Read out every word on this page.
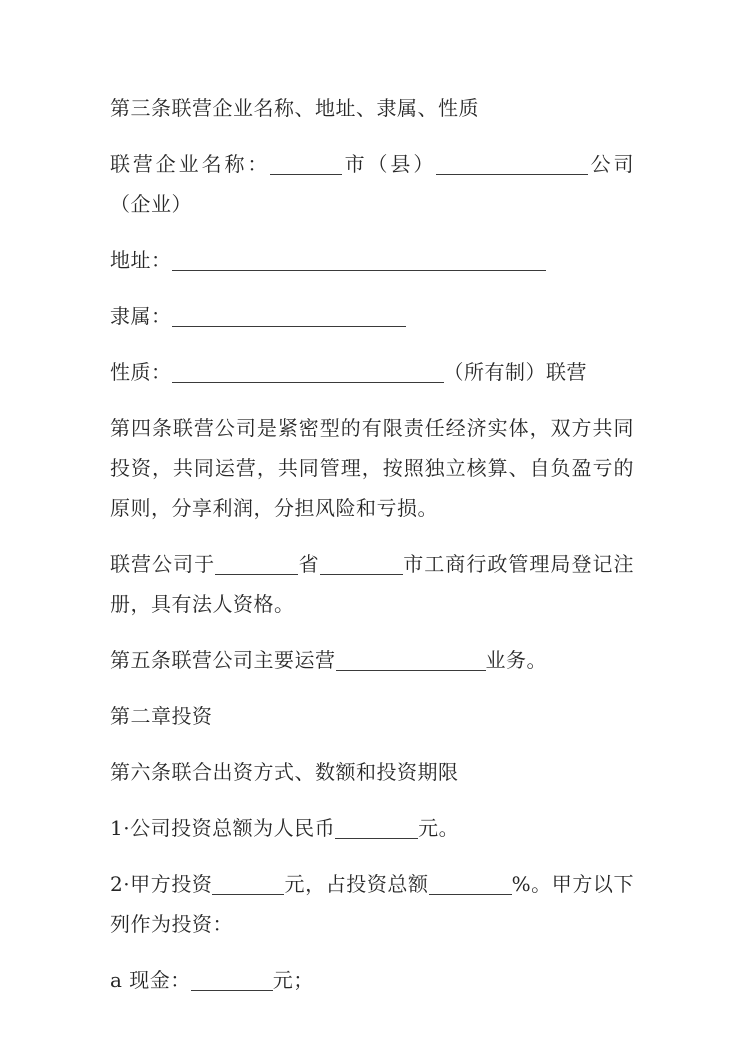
第三条联营企业名称、地址、隶属、性质

联营企业名称：	市（县）	公司（企业）

地址：

隶属：

性质：	（所有制）联营

第四条联营公司是紧密型的有限责任经济实体，双方共同投资，共同运营，共同管理，按照独立核算、自负盈亏的原则，分享利润，分担风险和亏损。

联营公司于	省	市工商行政管理局登记注册，具有法人资格。

第五条联营公司主要运营	业务。

第二章投资

第六条联合出资方式、数额和投资期限

1·公司投资总额为人民币	元。

2·甲方投资	元，占投资总额	%。甲方以下列作为投资：

a 现金：	元；
